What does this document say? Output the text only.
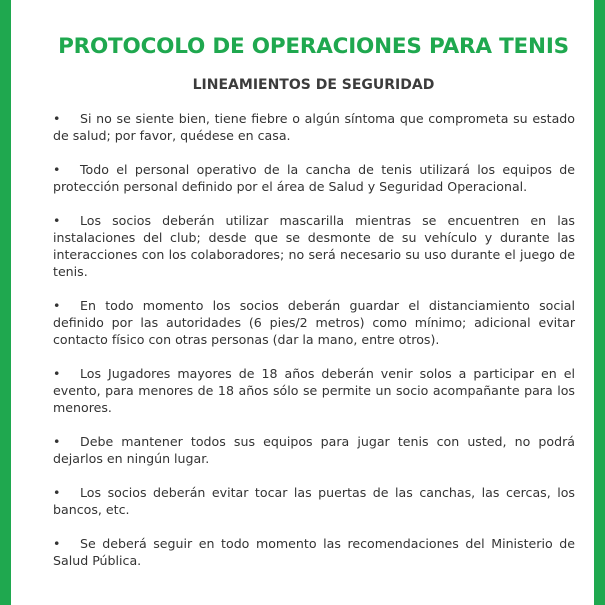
PROTOCOLO DE OPERACIONES PARA TENIS
LINEAMIENTOS DE SEGURIDAD
• Si no se siente bien, tiene fiebre o algún síntoma que comprometa su estado de salud; por favor, quédese en casa.
• Todo el personal operativo de la cancha de tenis utilizará los equipos de protección personal definido por el área de Salud y Seguridad Operacional.
• Los socios deberán utilizar mascarilla mientras se encuentren en las instalaciones del club; desde que se desmonte de su vehículo y durante las interacciones con los colaboradores; no será necesario su uso durante el juego de tenis.
• En todo momento los socios deberán guardar el distanciamiento social definido por las autoridades (6 pies/2 metros) como mínimo; adicional evitar contacto físico con otras personas (dar la mano, entre otros).
• Los Jugadores mayores de 18 años deberán venir solos a participar en el evento, para menores de 18 años sólo se permite un socio acompañante para los menores.
• Debe mantener todos sus equipos para jugar tenis con usted, no podrá dejarlos en ningún lugar.
• Los socios deberán evitar tocar las puertas de las canchas, las cercas, los bancos, etc.
• Se deberá seguir en todo momento las recomendaciones del Ministerio de Salud Pública.
